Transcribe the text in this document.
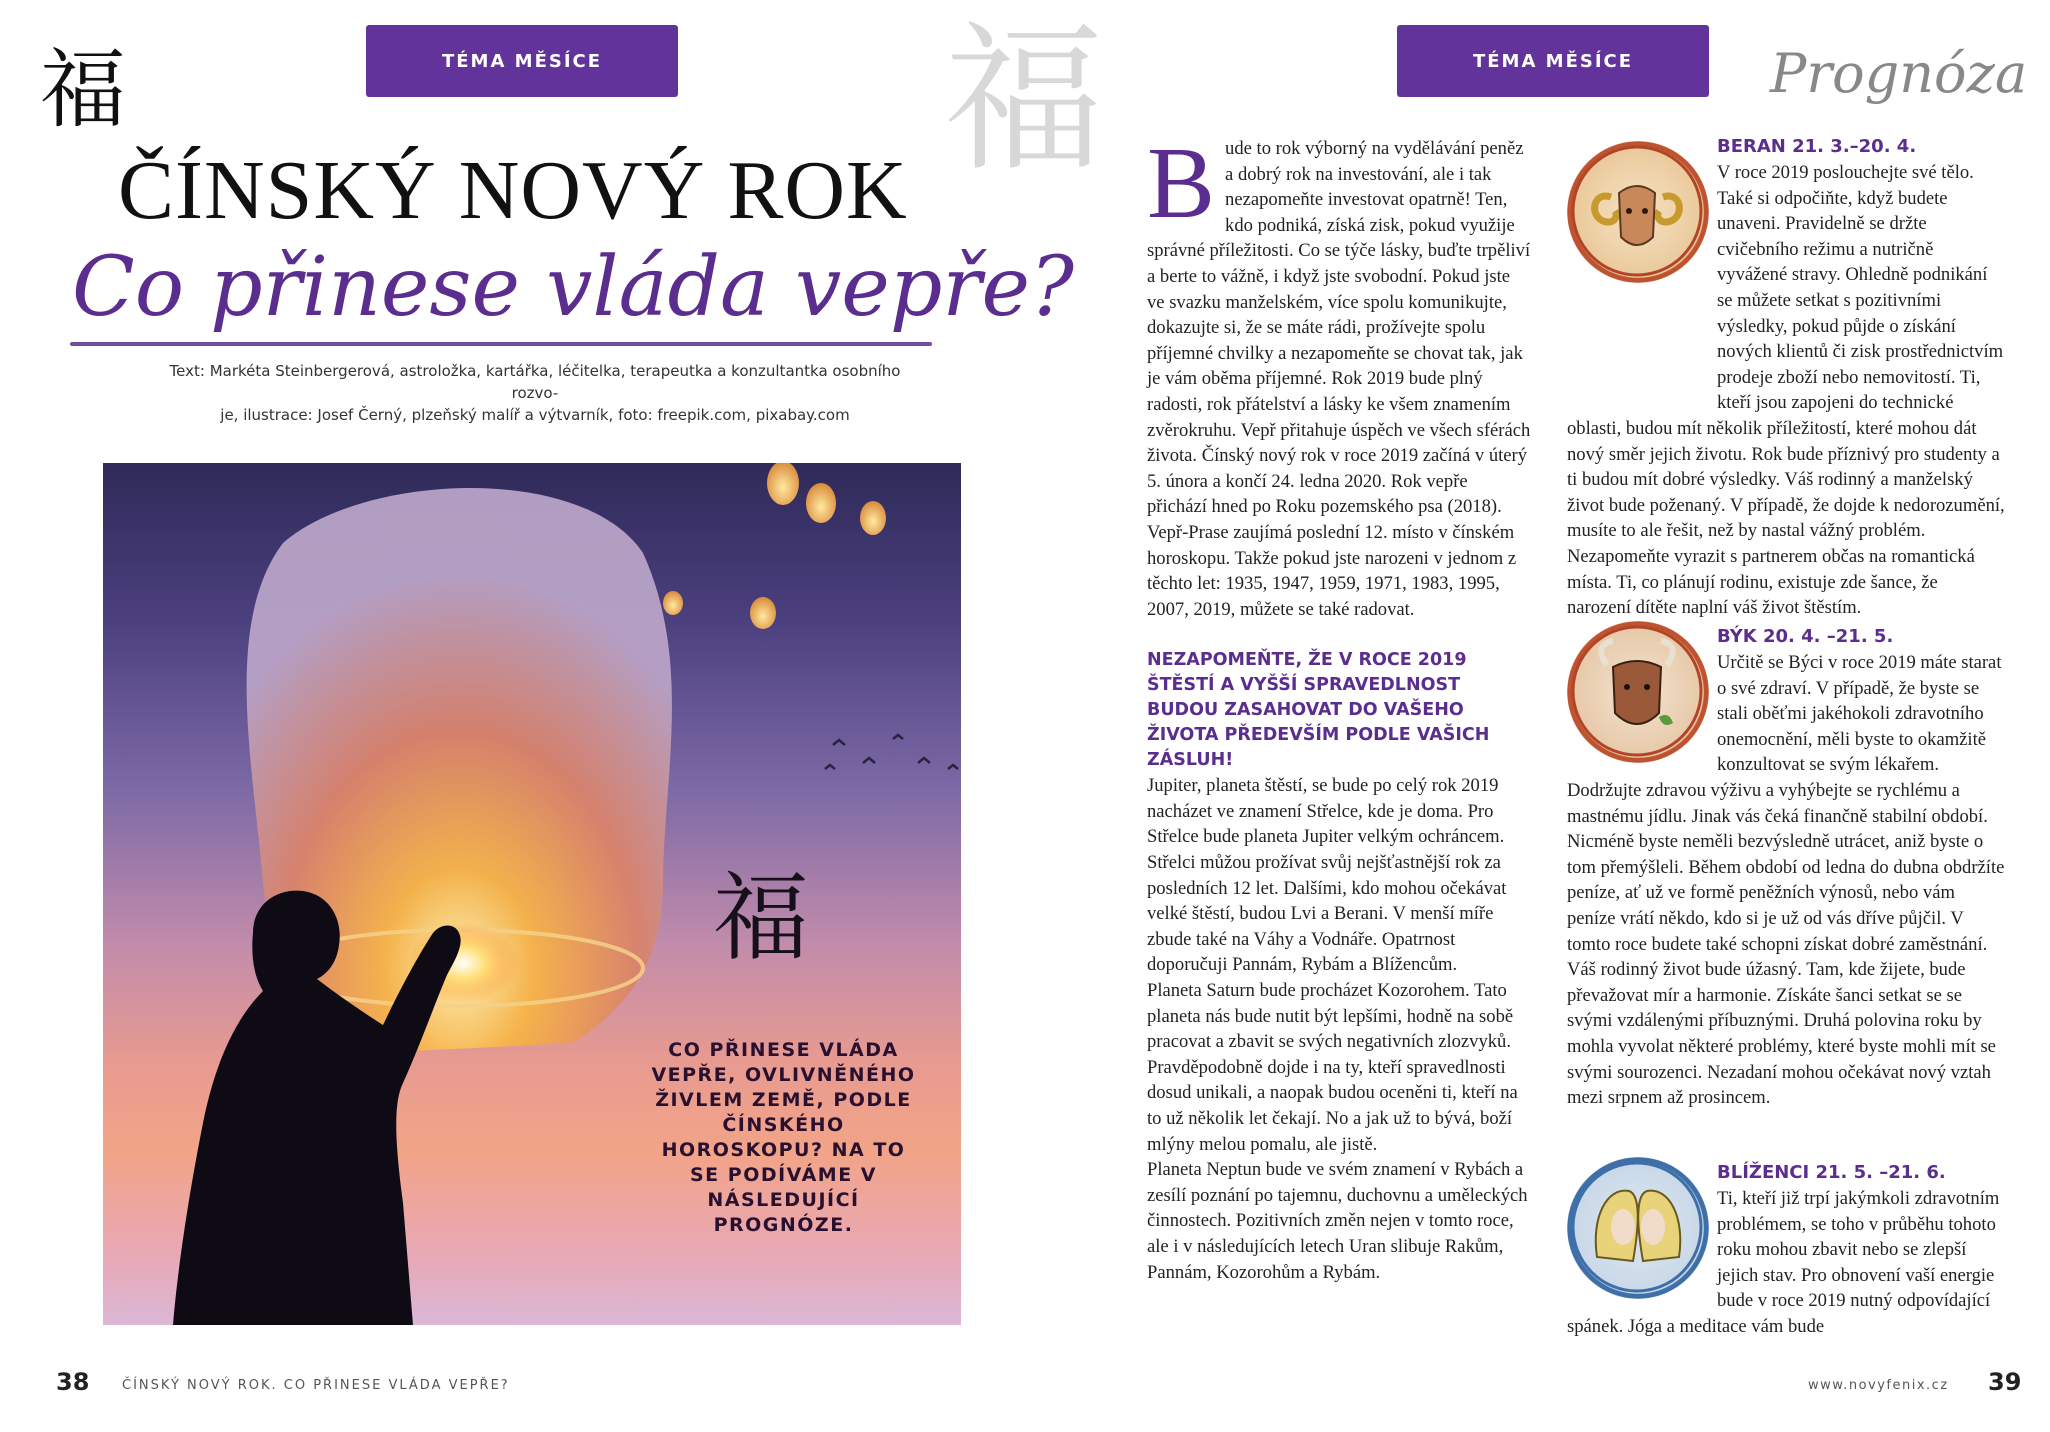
TÉMA MĚSÍCE
福
ČÍNSKÝ NOVÝ ROK
Co přinese vláda vepře?
Text: Markéta Steinbergerová, astroložka, kartářka, léčitelka, terapeutka a konzultantka osobního rozvo-
je, ilustrace: Josef Černý, plzeňský malíř a výtvarník, foto: freepik.com, pixabay.com
福
CO PŘINESE VLÁDA VEPŘE, OVLIVNĚNÉHO ŽIVLEM ZEMĚ, PODLE ČÍNSKÉHO HOROSKOPU? NA TO SE PODÍVÁME V NÁSLEDUJÍCÍ PROGNÓZE.
38	ČÍNSKÝ NOVÝ ROK. CO PŘINESE VLÁDA VEPŘE?
福	TÉMA MĚSÍCE	Prognóza

Bude to rok výborný na vydělávání peněz a dobrý rok na investování, ale i tak nezapomeňte investovat opatrně! Ten, kdo podniká, získá zisk, pokud využije správné příležitosti. Co se týče lásky, buďte trpěliví a berte to vážně, i když jste svobodní. Pokud jste ve svazku manželském, více spolu komunikujte, dokazujte si, že se máte rádi, prožívejte spolu příjemné chvilky a nezapomeňte se chovat tak, jak je vám oběma příjemné. Rok 2019 bude plný radosti, rok přátelství a lásky ke všem znamením zvěrokruhu. Vepř přitahuje úspěch ve všech sférách života. Čínský nový rok v roce 2019 začíná v úterý 5. února a končí 24. ledna 2020. Rok vepře přichází hned po Roku pozemského psa (2018). Vepř-Prase zaujímá poslední 12. místo v čínském horoskopu. Takže pokud jste narozeni v jednom z těchto let: 1935, 1947, 1959, 1971, 1983, 1995, 2007, 2019, můžete se také radovat.

NEZAPOMEŇTE, ŽE V ROCE 2019 ŠTĚSTÍ A VYŠŠÍ SPRAVEDLNOST BUDOU ZASAHOVAT DO VAŠEHO ŽIVOTA PŘEDEVŠÍM PODLE VAŠICH ZÁSLUH!

Jupiter, planeta štěstí, se bude po celý rok 2019 nacházet ve znamení Střelce, kde je doma. Pro Střelce bude planeta Jupiter velkým ochráncem. Střelci můžou prožívat svůj nejšťastnější rok za posledních 12 let. Dalšími, kdo mohou očekávat velké štěstí, budou Lvi a Berani. V menší míře zbude také na Váhy a Vodnáře. Opatrnost doporučuji Pannám, Rybám a Blížencům.

Planeta Saturn bude procházet Kozorohem. Tato planeta nás bude nutit být lepšími, hodně na sobě pracovat a zbavit se svých negativních zlozvyků. Pravděpodobně dojde i na ty, kteří spravedlnosti dosud unikali, a naopak budou oceněni ti, kteří na to už několik let čekají. No a jak už to bývá, boží mlýny melou pomalu, ale jistě.

Planeta Neptun bude ve svém znamení v Rybách a zesílí poznání po tajemnu, duchovnu a uměleckých činnostech. Pozitivních změn nejen v tomto roce, ale i v následujících letech Uran slibuje Rakům, Pannám, Kozorohům a Rybám.

BERAN 21. 3.–20. 4.

V roce 2019 poslouchejte své tělo. Také si odpočiňte, když budete unaveni. Pravidelně se držte cvičebního režimu a nutričně vyvážené stravy. Ohledně podnikání se můžete setkat s pozitivními výsledky, pokud půjde o získání nových klientů či zisk prostřednictvím prodeje zboží nebo nemovitostí. Ti, kteří jsou zapojeni do technické oblasti, budou mít několik příležitostí, které mohou dát nový směr jejich životu. Rok bude příznivý pro studenty a ti budou mít dobré výsledky. Váš rodinný a manželský život bude poženaný. V případě, že dojde k nedorozumění, musíte to ale řešit, než by nastal vážný problém. Nezapomeňte vyrazit s partnerem občas na romantická místa. Ti, co plánují rodinu, existuje zde šance, že narození dítěte naplní váš život štěstím.

BÝK 20. 4. –21. 5.

Určitě se Býci v roce 2019 máte starat o své zdraví. V případě, že byste se stali oběťmi jakéhokoli zdravotního onemocnění, měli byste to okamžitě konzultovat se svým lékařem. Dodržujte zdravou výživu a vyhýbejte se rychlému a mastnému jídlu. Jinak vás čeká finančně stabilní období. Nicméně byste neměli bezvýsledně utrácet, aniž byste o tom přemýšleli. Během období od ledna do dubna obdržíte peníze, ať už ve formě peněžních výnosů, nebo vám peníze vrátí někdo, kdo si je už od vás dříve půjčil. V tomto roce budete také schopni získat dobré zaměstnání. Váš rodinný život bude úžasný. Tam, kde žijete, bude převažovat mír a harmonie. Získáte šanci setkat se se svými vzdálenými příbuznými. Druhá polovina roku by mohla vyvolat některé problémy, které byste mohli mít se svými sourozenci. Nezadaní mohou očekávat nový vztah mezi srpnem až prosincem.

BLÍŽENCI 21. 5. –21. 6.

Ti, kteří již trpí jakýmkoli zdravotním problémem, se toho v průběhu tohoto roku mohou zbavit nebo se zlepší jejich stav. Pro obnovení vaší energie bude v roce 2019 nutný odpovídající spánek. Jóga a meditace vám bude

www.novyfenix.cz 39
